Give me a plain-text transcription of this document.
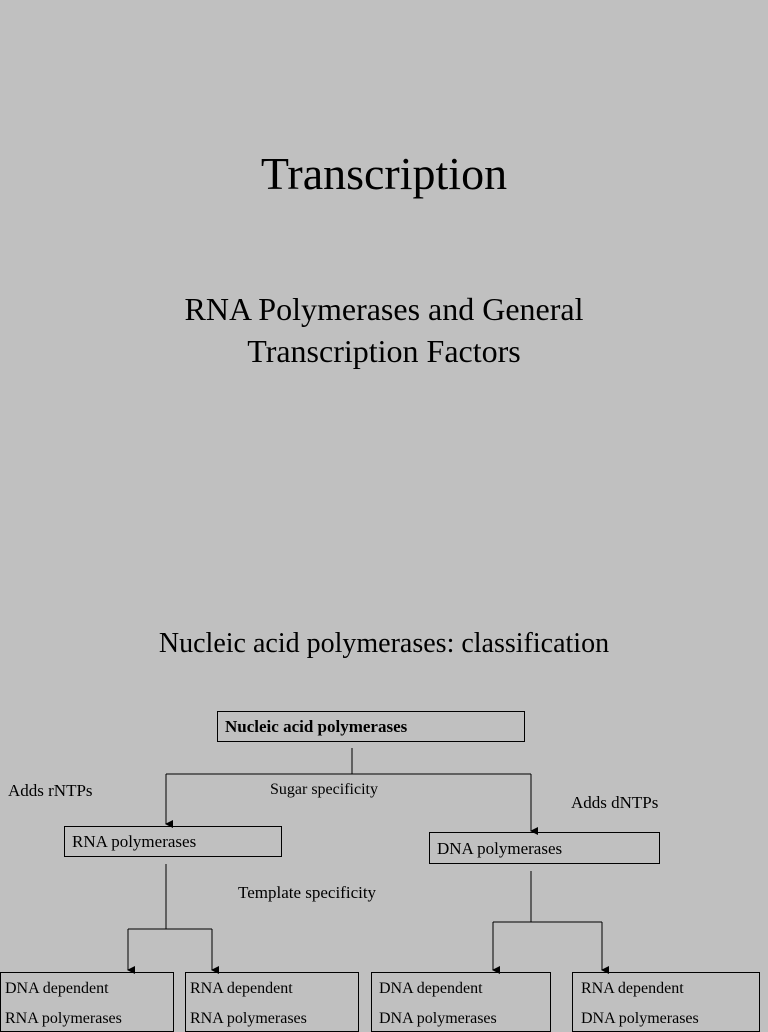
Transcription
RNA Polymerases and General
Transcription Factors
Nucleic acid polymerases: classification
Nucleic acid polymerases
Sugar specificity
Adds rNTPs
Adds dNTPs
RNA polymerases	DNA polymerases
Template specificity
DNA dependent
RNA polymerases
RNA dependent
RNA polymerases
DNA dependent
DNA polymerases
RNA dependent
DNA polymerases
